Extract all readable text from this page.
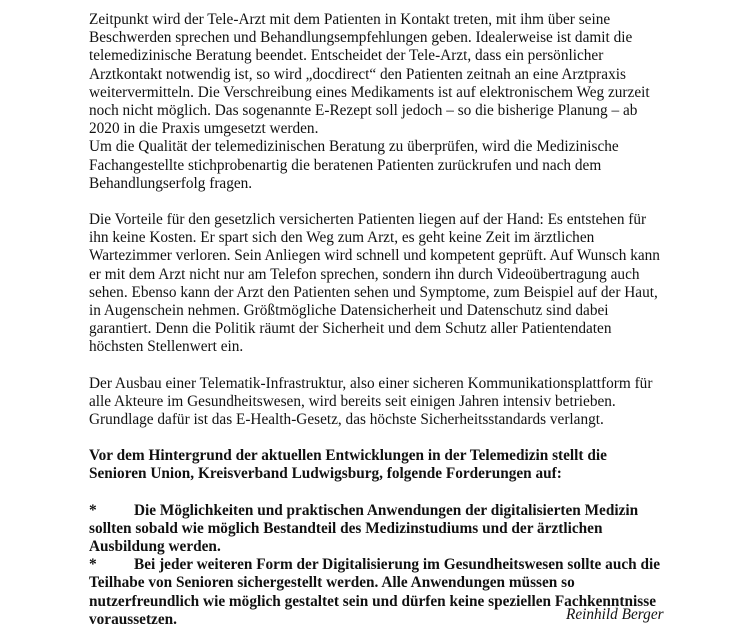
Zeitpunkt wird der Tele-Arzt mit dem Patienten in Kontakt treten, mit ihm über seine
Beschwerden sprechen und Behandlungsempfehlungen geben. Idealerweise ist damit die
telemedizinische Beratung beendet. Entscheidet der Tele-Arzt, dass ein persönlicher
Arztkontakt notwendig ist, so wird „docdirect“ den Patienten zeitnah an eine Arztpraxis
weitervermitteln. Die Verschreibung eines Medikaments ist auf elektronischem Weg zurzeit
noch nicht möglich. Das sogenannte E-Rezept soll jedoch – so die bisherige Planung – ab
2020 in die Praxis umgesetzt werden.
Um die Qualität der telemedizinischen Beratung zu überprüfen, wird die Medizinische
Fachangestellte stichprobenartig die beratenen Patienten zurückrufen und nach dem
Behandlungserfolg fragen.

Die Vorteile für den gesetzlich versicherten Patienten liegen auf der Hand: Es entstehen für
ihn keine Kosten. Er spart sich den Weg zum Arzt, es geht keine Zeit im ärztlichen
Wartezimmer verloren. Sein Anliegen wird schnell und kompetent geprüft. Auf Wunsch kann
er mit dem Arzt nicht nur am Telefon sprechen, sondern ihn durch Videoübertragung auch
sehen. Ebenso kann der Arzt den Patienten sehen und Symptome, zum Beispiel auf der Haut,
in Augenschein nehmen. Größtmögliche Datensicherheit und Datenschutz sind dabei
garantiert. Denn die Politik räumt der Sicherheit und dem Schutz aller Patientendaten
höchsten Stellenwert ein.

Der Ausbau einer Telematik-Infrastruktur, also einer sicheren Kommunikationsplattform für
alle Akteure im Gesundheitswesen, wird bereits seit einigen Jahren intensiv betrieben.
Grundlage dafür ist das E-Health-Gesetz, das höchste Sicherheitsstandards verlangt.

Vor dem Hintergrund der aktuellen Entwicklungen in der Telemedizin stellt die
Senioren Union, Kreisverband Ludwigsburg, folgende Forderungen auf:

* Die Möglichkeiten und praktischen Anwendungen der digitalisierten Medizin
sollten sobald wie möglich Bestandteil des Medizinstudiums und der ärztlichen
Ausbildung werden.

* Bei jeder weiteren Form der Digitalisierung im Gesundheitswesen sollte auch die
Teilhabe von Senioren sichergestellt werden. Alle Anwendungen müssen so
nutzerfreundlich wie möglich gestaltet sein und dürfen keine speziellen Fachkenntnisse
voraussetzen.	Reinhild Berger
